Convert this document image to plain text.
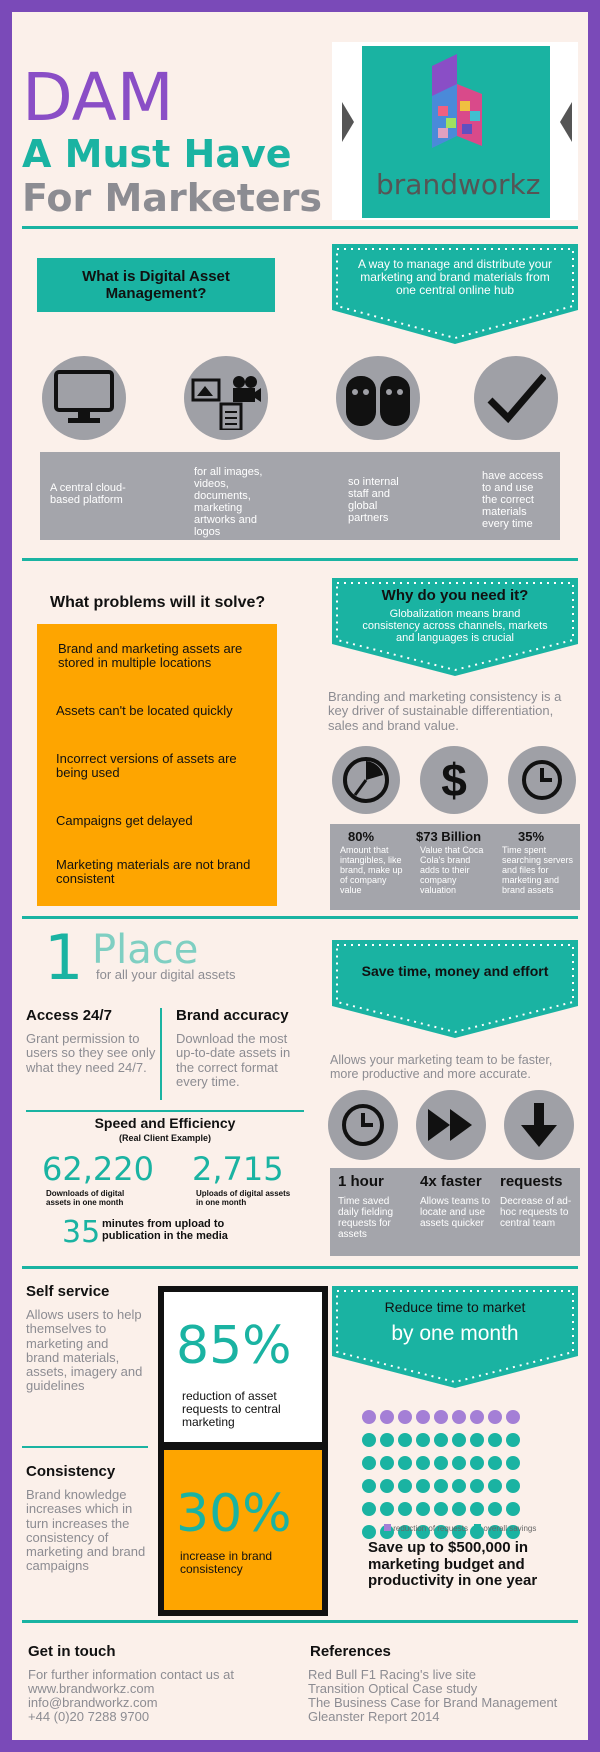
DAM
A Must Have
For Marketers brandworkz
What is Digital Asset Management?
A way to manage and distribute your marketing and brand materials from one central online hub
A central cloud-based platform
for all images, videos, documents, marketing artworks and logos
so internal staff and global partners
have access to and use the correct materials every time
What problems will it solve?
Brand and marketing assets are stored in multiple locations
Assets can't be located quickly
Incorrect versions of assets are being used
Campaigns get delayed
Marketing materials are not brand consistent
Why do you need it?
Globalization means brand consistency across channels, markets and languages is crucial
Branding and marketing consistency is a key driver of sustainable differentiation, sales and brand value.
$
80%
Amount that intangibles, like brand, make up of company value
$73 Billion
Value that Coca Cola's brand adds to their company valuation
35%
Time spent searching servers and files for marketing and brand assets
1 Place
for all your digital assets
Access 24/7
Grant permission to users so they see only what they need 24/7.
Brand accuracy
Download the most up-to-date assets in the correct format every time.
Speed and Efficiency
(Real Client Example)
62,220
Downloads of digital assets in one month
2,715
Uploads of digital assets in one month
35 minutes from upload to publication in the media
Save time, money and effort
Allows your marketing team to be faster, more productive and more accurate.
1 hour
Time saved daily fielding requests for assets
4x faster
Allows teams to locate and use assets quicker
requests
Decrease of ad-hoc requests to central team
Self service
Allows users to help themselves to marketing and brand materials, assets, imagery and guidelines
85%
reduction of asset requests to central marketing
30%
increase in brand consistency
Consistency
Brand knowledge increases which in turn increases the consistency of marketing and brand campaigns
Reduce time to market
by one month
reduction of requests overall savings
Save up to $500,000 in marketing budget and productivity in one year
Get in touch
For further information contact us at
www.brandworkz.com
info@brandworkz.com
+44 (0)20 7288 9700
References
Red Bull F1 Racing's live site
Transition Optical Case study
The Business Case for Brand Management
Gleanster Report 2014
